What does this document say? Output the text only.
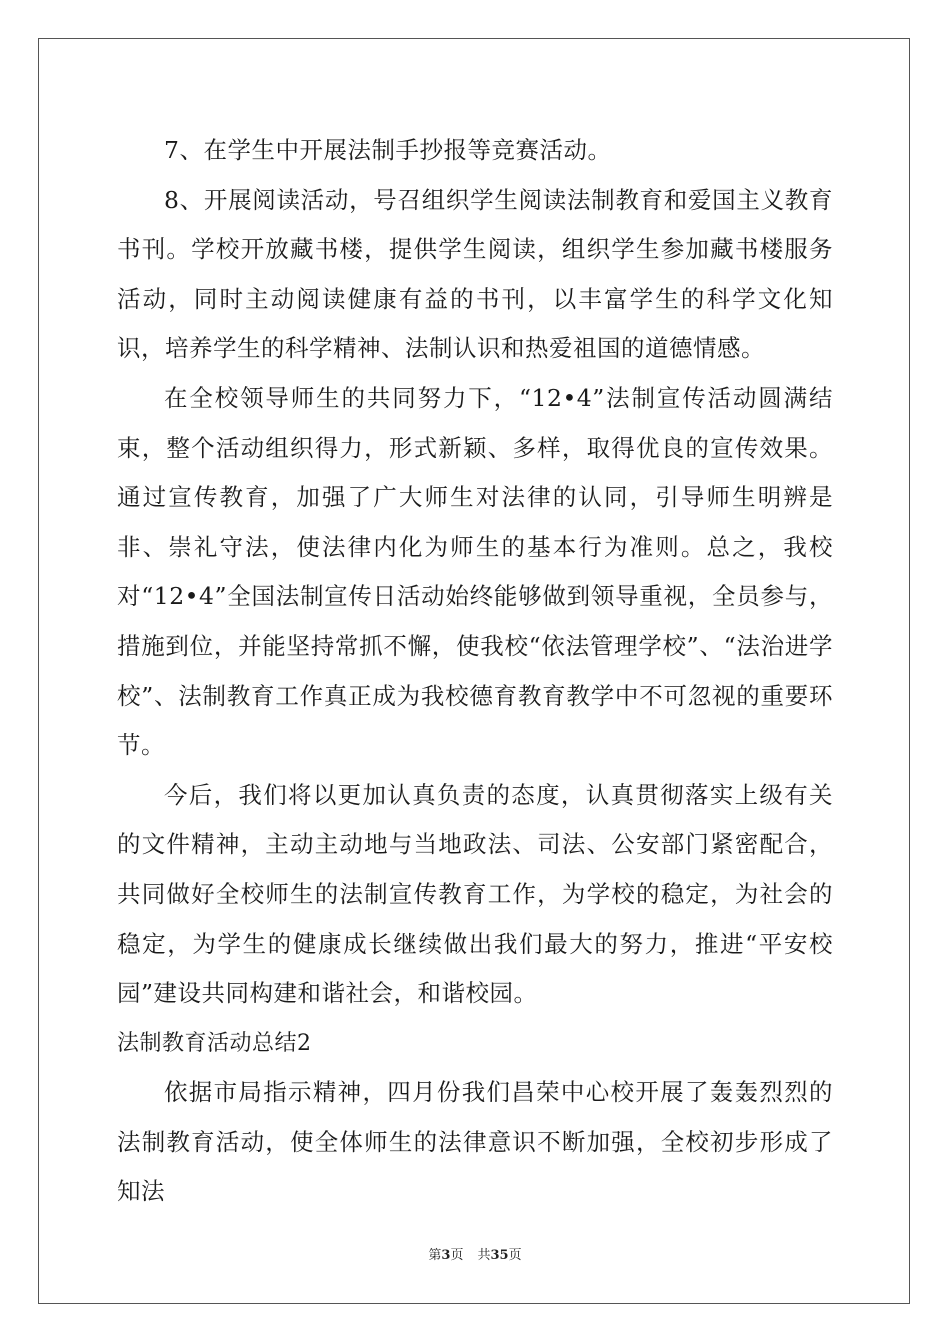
7、在学生中开展法制手抄报等竞赛活动。

8、开展阅读活动，号召组织学生阅读法制教育和爱国主义教育书刊。学校开放藏书楼，提供学生阅读，组织学生参加藏书楼服务活动，同时主动阅读健康有益的书刊，以丰富学生的科学文化知识，培养学生的科学精神、法制认识和热爱祖国的道德情感。

在全校领导师生的共同努力下，“12•4”法制宣传活动圆满结束，整个活动组织得力，形式新颖、多样，取得优良的宣传效果。通过宣传教育，加强了广大师生对法律的认同，引导师生明辨是非、崇礼守法，使法律内化为师生的基本行为准则。总之，我校对“12•4”全国法制宣传日活动始终能够做到领导重视，全员参与，措施到位，并能坚持常抓不懈，使我校“依法管理学校”、“法治进学校”、法制教育工作真正成为我校德育教育教学中不可忽视的重要环节。

今后，我们将以更加认真负责的态度，认真贯彻落实上级有关的文件精神，主动主动地与当地政法、司法、公安部门紧密配合，共同做好全校师生的法制宣传教育工作，为学校的稳定，为社会的稳定，为学生的健康成长继续做出我们最大的努力，推进“平安校园”建设共同构建和谐社会，和谐校园。

法制教育活动总结2

依据市局指示精神，四月份我们昌荣中心校开展了轰轰烈烈的法制教育活动，使全体师生的法律意识不断加强，全校初步形成了知法

第3页 共35页
